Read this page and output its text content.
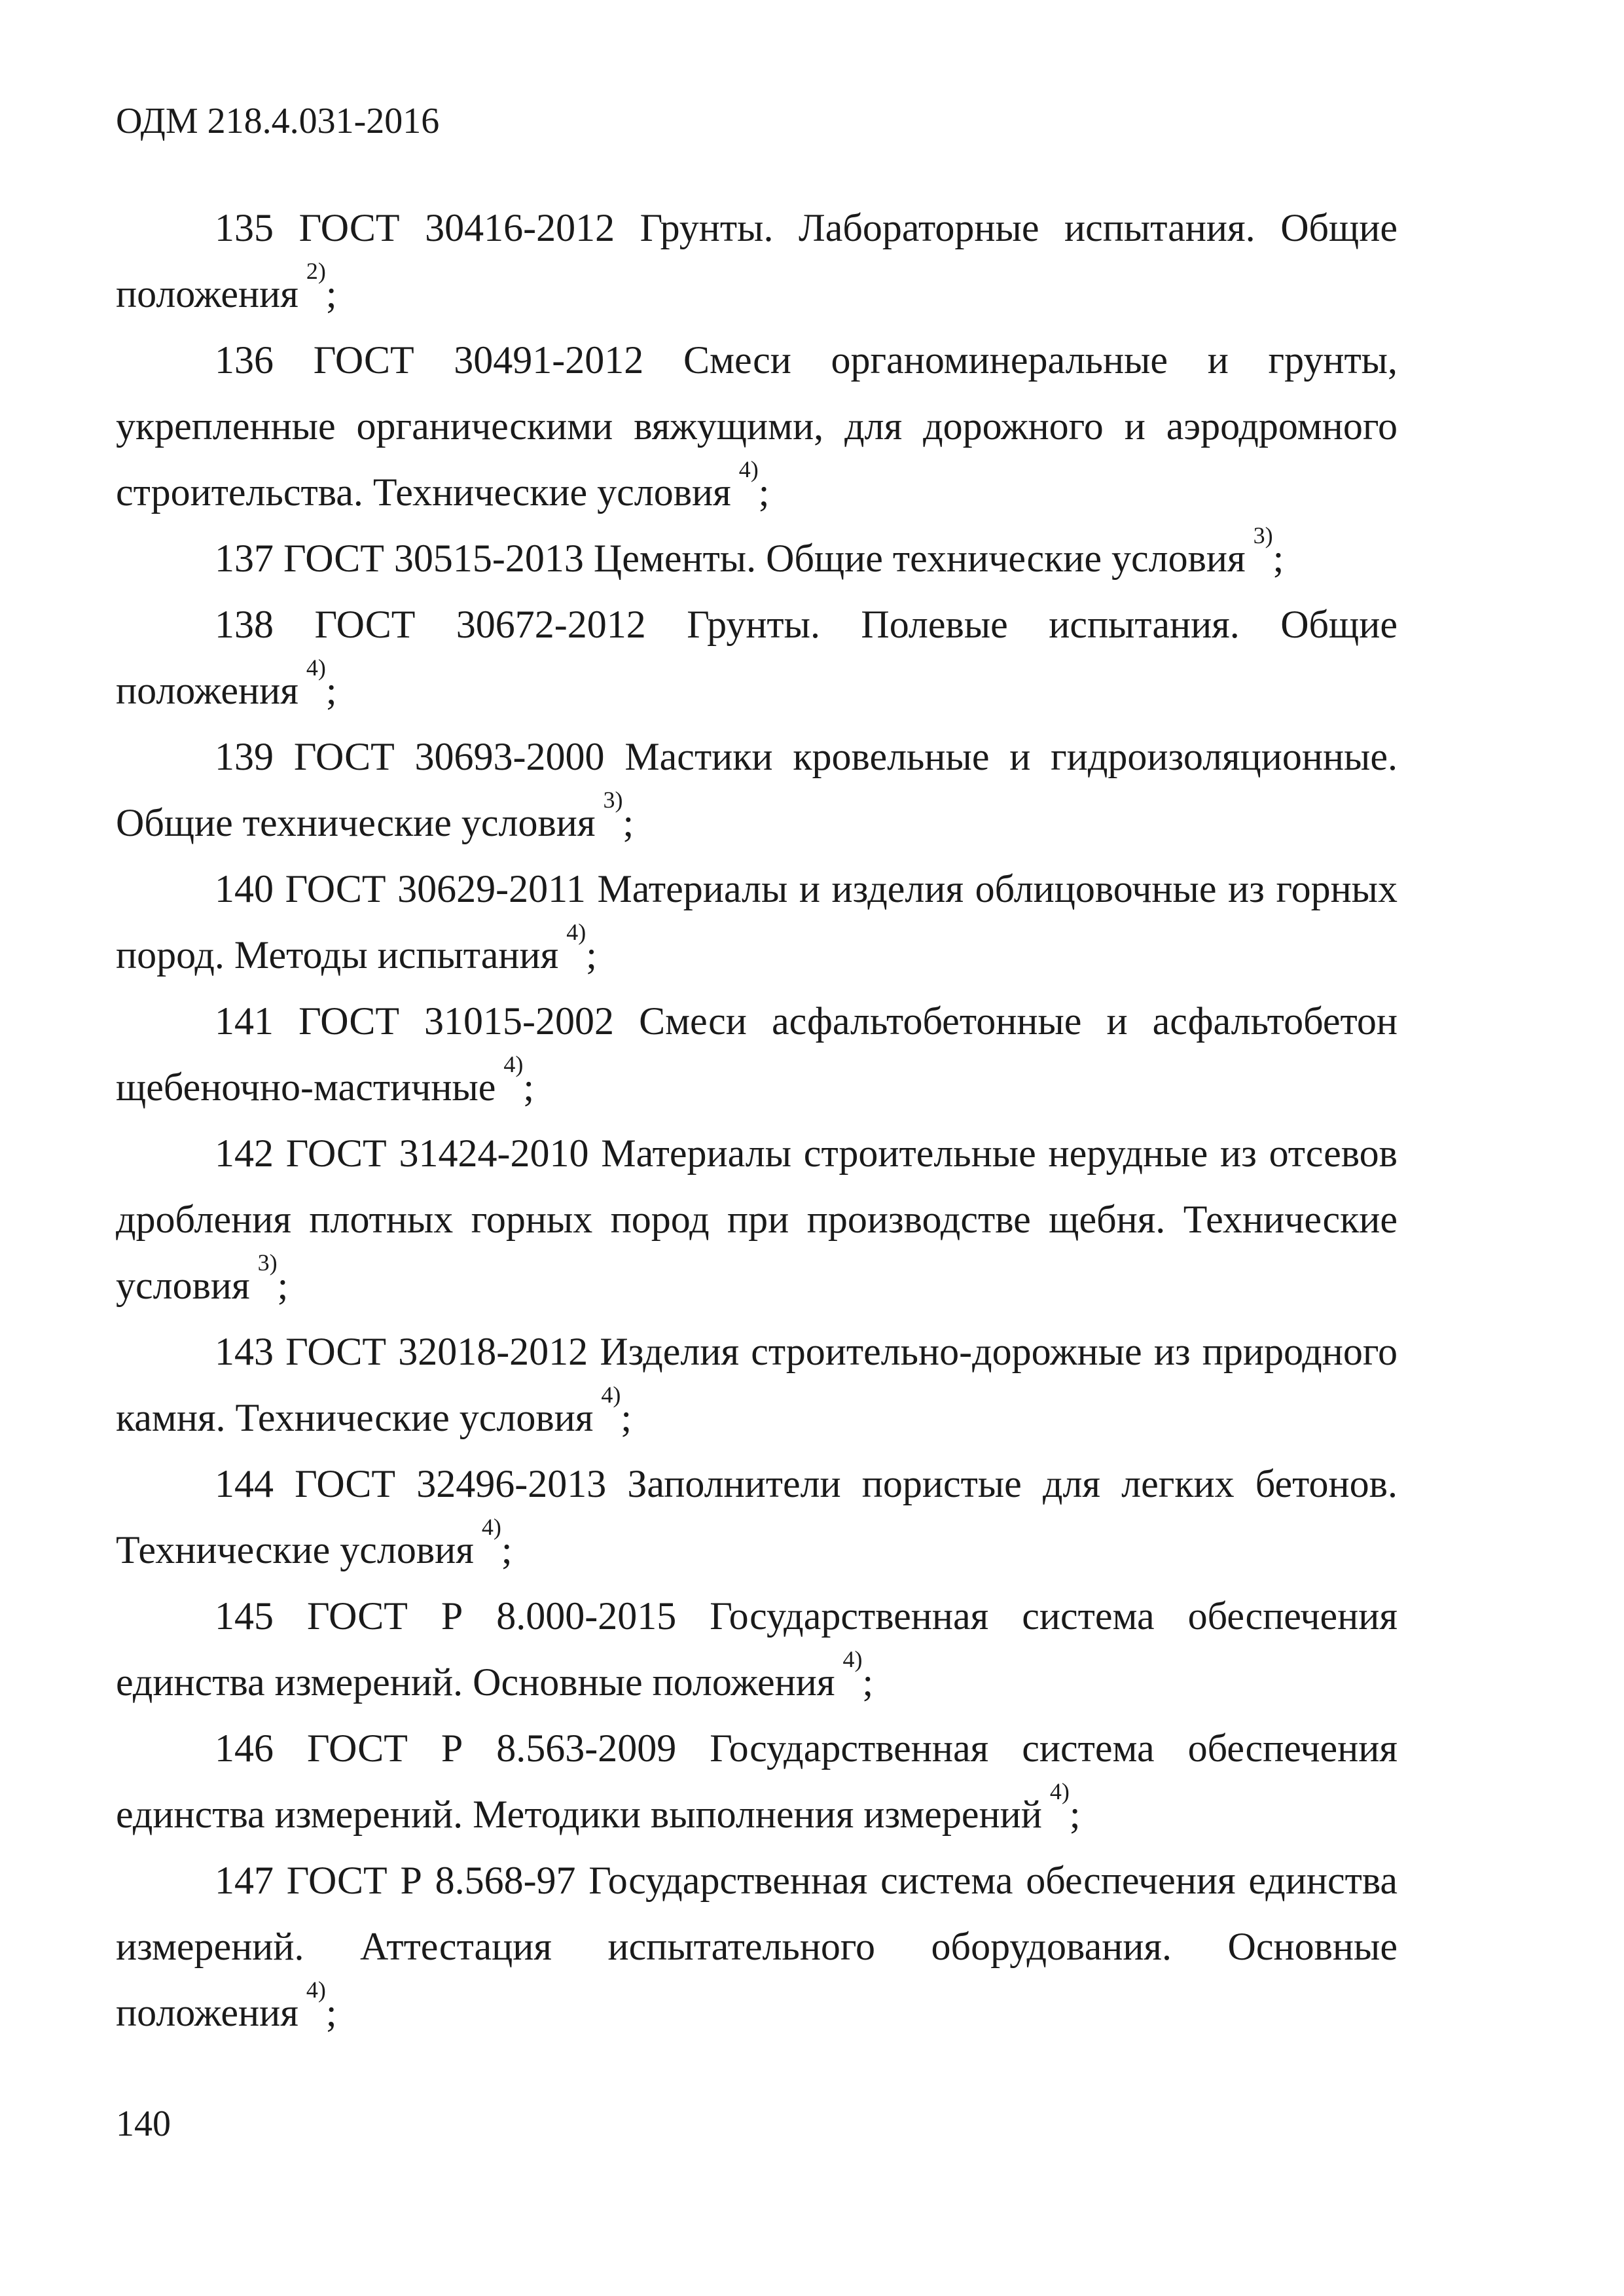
ОДМ 218.4.031-2016

135 ГОСТ 30416-2012 Грунты. Лабораторные испытания. Общие положения$^{2)}$;
136 ГОСТ 30491-2012 Смеси органоминеральные и грунты, укрепленные органическими вяжущими, для дорожного и аэродромного строительства. Технические условия$^{4)}$;
137 ГОСТ 30515-2013 Цементы. Общие технические условия$^{3)}$;
138 ГОСТ 30672-2012 Грунты. Полевые испытания. Общие положения$^{4)}$;
139 ГОСТ 30693-2000 Мастики кровельные и гидроизоляционные. Общие технические условия$^{3)}$;
140 ГОСТ 30629-2011 Материалы и изделия облицовочные из горных пород. Методы испытания$^{4)}$;
141 ГОСТ 31015-2002 Смеси асфальтобетонные и асфальтобетон щебеночно-мастичные$^{4)}$;
142 ГОСТ 31424-2010 Материалы строительные нерудные из отсевов дробления плотных горных пород при производстве щебня. Технические условия$^{3)}$;
143 ГОСТ 32018-2012 Изделия строительно-дорожные из природного камня. Технические условия$^{4)}$;
144 ГОСТ 32496-2013 Заполнители пористые для легких бетонов. Технические условия$^{4)}$;
145 ГОСТ Р 8.000-2015 Государственная система обеспечения единства измерений. Основные положения$^{4)}$;
146 ГОСТ Р 8.563-2009 Государственная система обеспечения единства измерений. Методики выполнения измерений$^{4)}$;
147 ГОСТ Р 8.568-97 Государственная система обеспечения единства измерений. Аттестация испытательного оборудования. Основные положения$^{4)}$;

140
